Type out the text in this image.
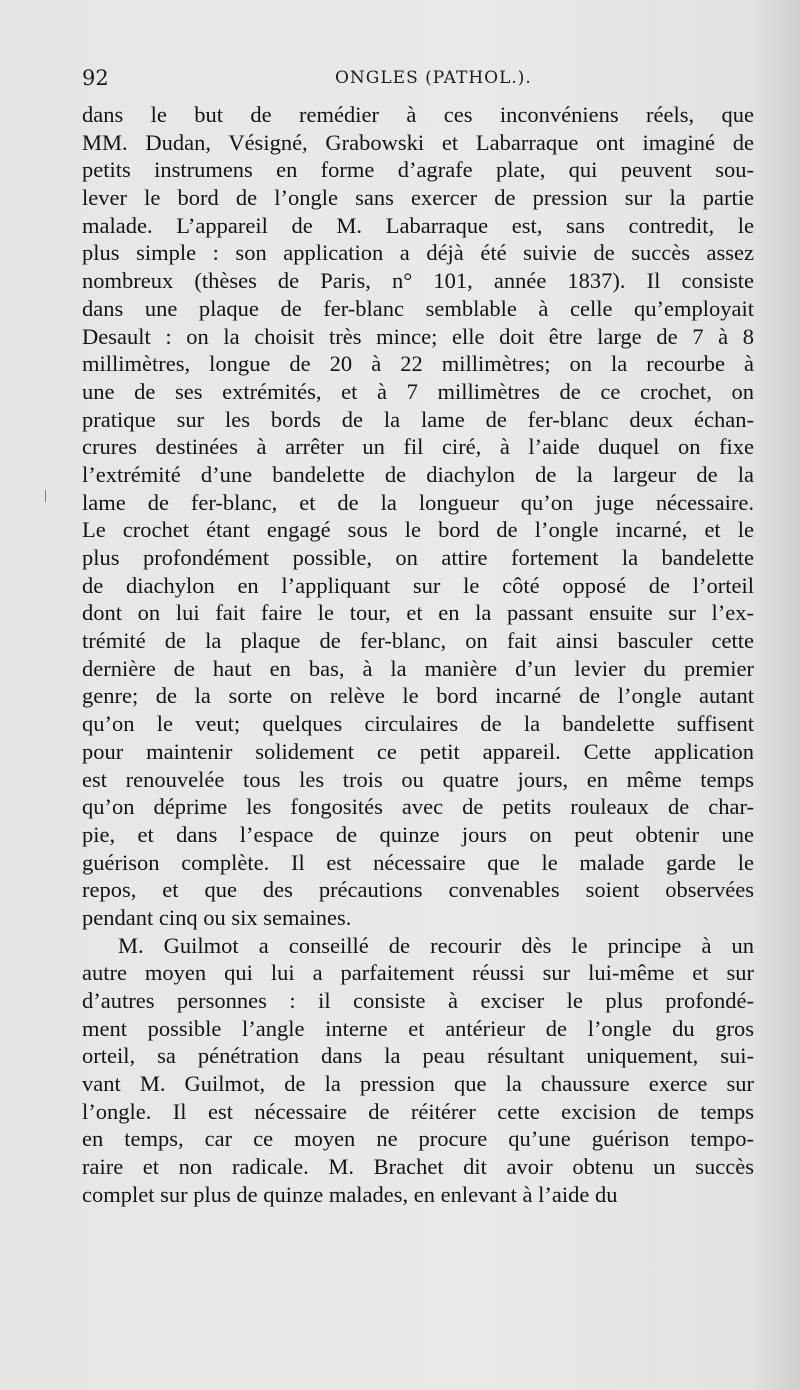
92	ONGLES (PATHOL.).
dans le but de remédier à ces inconvéniens réels, que
MM. Dudan, Vésigné, Grabowski et Labarraque ont imaginé de
petits instrumens en forme d’agrafe plate, qui peuvent sou-
lever le bord de l’ongle sans exercer de pression sur la partie
malade. L’appareil de M. Labarraque est, sans contredit, le
plus simple : son application a déjà été suivie de succès assez
nombreux (thèses de Paris, n° 101, année 1837). Il consiste
dans une plaque de fer-blanc semblable à celle qu’employait
Desault : on la choisit très mince; elle doit être large de 7 à 8
millimètres, longue de 20 à 22 millimètres; on la recourbe à
une de ses extrémités, et à 7 millimètres de ce crochet, on
pratique sur les bords de la lame de fer-blanc deux échan-
crures destinées à arrêter un fil ciré, à l’aide duquel on fixe
l’extrémité d’une bandelette de diachylon de la largeur de la
lame de fer-blanc, et de la longueur qu’on juge nécessaire.
Le crochet étant engagé sous le bord de l’ongle incarné, et le
plus profondément possible, on attire fortement la bandelette
de diachylon en l’appliquant sur le côté opposé de l’orteil
dont on lui fait faire le tour, et en la passant ensuite sur l’ex-
trémité de la plaque de fer-blanc, on fait ainsi basculer cette
dernière de haut en bas, à la manière d’un levier du premier
genre; de la sorte on relève le bord incarné de l’ongle autant
qu’on le veut; quelques circulaires de la bandelette suffisent
pour maintenir solidement ce petit appareil. Cette application
est renouvelée tous les trois ou quatre jours, en même temps
qu’on déprime les fongosités avec de petits rouleaux de char-
pie, et dans l’espace de quinze jours on peut obtenir une
guérison complète. Il est nécessaire que le malade garde le
repos, et que des précautions convenables soient observées
pendant cinq ou six semaines.
M. Guilmot a conseillé de recourir dès le principe à un
autre moyen qui lui a parfaitement réussi sur lui-même et sur
d’autres personnes : il consiste à exciser le plus profondé-
ment possible l’angle interne et antérieur de l’ongle du gros
orteil, sa pénétration dans la peau résultant uniquement, sui-
vant M. Guilmot, de la pression que la chaussure exerce sur
l’ongle. Il est nécessaire de réitérer cette excision de temps
en temps, car ce moyen ne procure qu’une guérison tempo-
raire et non radicale. M. Brachet dit avoir obtenu un succès
complet sur plus de quinze malades, en enlevant à l’aide du
